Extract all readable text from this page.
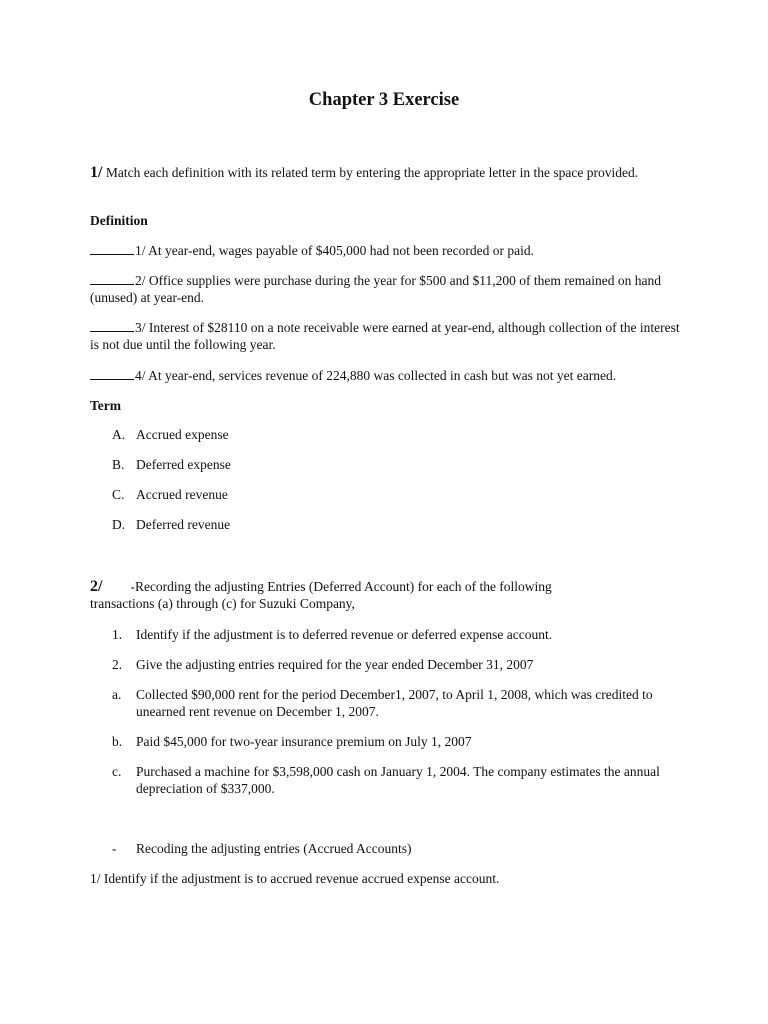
Chapter 3 Exercise
1/ Match each definition with its related term by entering the appropriate letter in the space provided.
Definition
1/ At year-end, wages payable of $405,000 had not been recorded or paid.
2/ Office supplies were purchase during the year for $500 and $11,200 of them remained on hand (unused) at year-end.
3/ Interest of $28110 on a note receivable were earned at year-end, although collection of the interest is not due until the following year.
4/ At year-end, services revenue of 224,880 was collected in cash but was not yet earned.
Term
A. Accrued expense
B. Deferred expense
C. Accrued revenue
D. Deferred revenue
2/ -Recording the adjusting Entries (Deferred Account) for each of the following
transactions (a) through (c) for Suzuki Company,
1. Identify if the adjustment is to deferred revenue or deferred expense account.
2. Give the adjusting entries required for the year ended December 31, 2007
a. Collected $90,000 rent for the period December1, 2007, to April 1, 2008, which was credited to unearned rent revenue on December 1, 2007.
b. Paid $45,000 for two-year insurance premium on July 1, 2007
c. Purchased a machine for $3,598,000 cash on January 1, 2004. The company estimates the annual depreciation of $337,000.
- Recoding the adjusting entries (Accrued Accounts)
1/ Identify if the adjustment is to accrued revenue accrued expense account.
